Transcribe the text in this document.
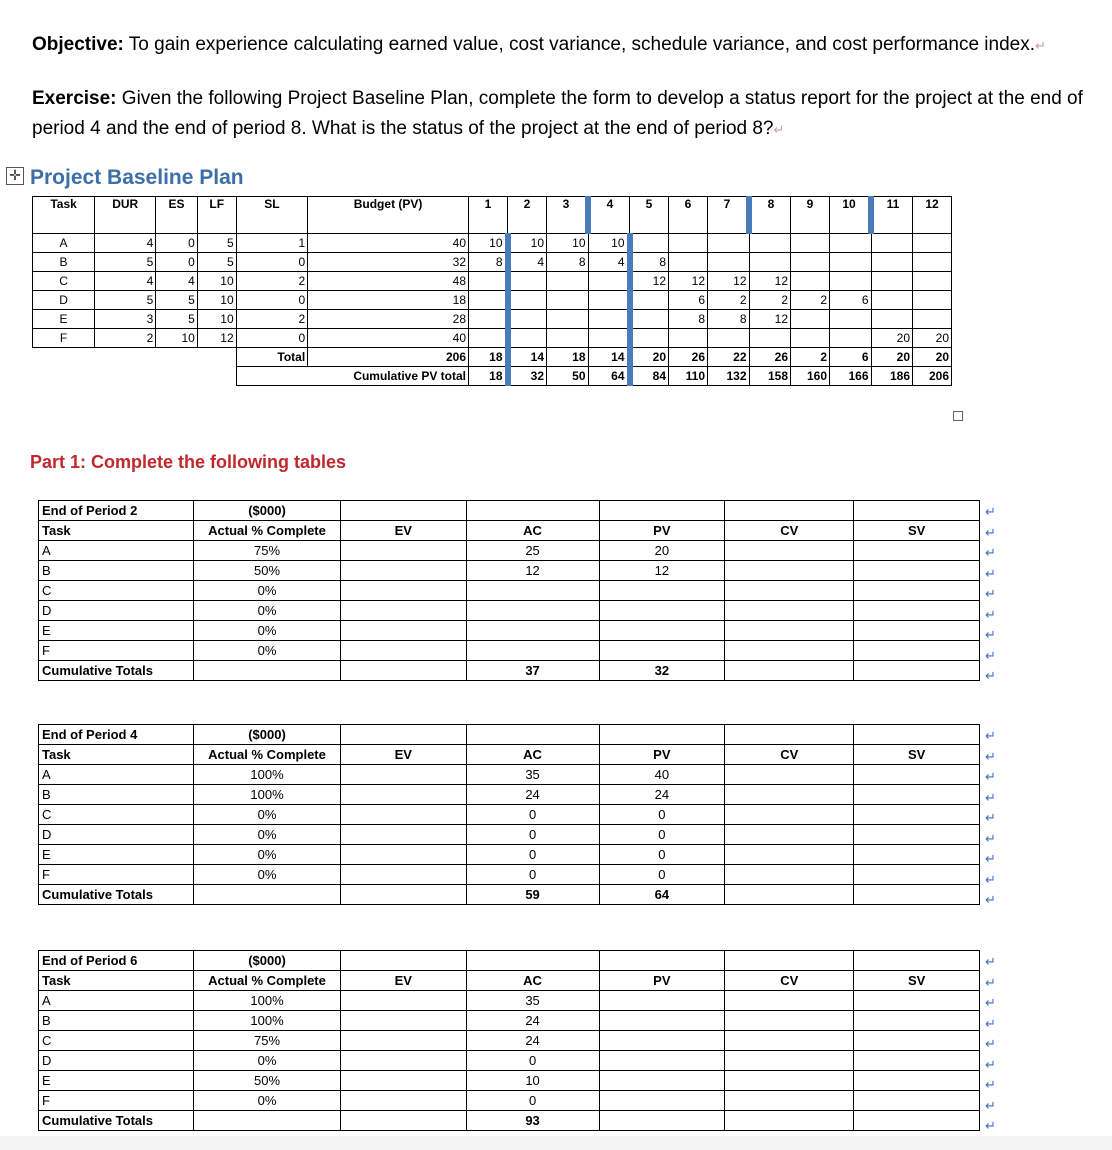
Objective: To gain experience calculating earned value, cost variance, schedule variance, and cost performance index.↵
Exercise: Given the following Project Baseline Plan, complete the form to develop a status report for the project at the end of period 4 and the end of period 8. What is the status of the project at the end of period 8?↵
✛ Project Baseline Plan
Task	DUR	ES	LF	SL	Budget (PV)	1	2	3	4	5	6	7	8	9	10	11	12
A	4	0	5	1	40	10	10	10	10								
B	5	0	5	0	32	8	4	8	4	8							
C	4	4	10	2	48					12	12	12	12				
D	5	5	10	0	18						6	2	2	2	6		
E	3	5	10	2	28						8	8	12				
F	2	10	12	0	40											20	20
				Total	206	18	14	18	14	20	26	22	26	2	6	20	20
				Cumulative PV total		18	32	50	64	84	110	132	158	160	166	186	206
Part 1: Complete the following tables
End of Period 2	($000)					
Task	Actual % Complete	EV	AC	PV	CV	SV
A	75%		25	20		
B	50%		12	12		
C	0%					
D	0%					
E	0%					
F	0%					
Cumulative Totals			37	32		
End of Period 4	($000)					
Task	Actual % Complete	EV	AC	PV	CV	SV
A	100%		35	40		
B	100%		24	24		
C	0%		0	0		
D	0%		0	0		
E	0%		0	0		
F	0%		0	0		
Cumulative Totals			59	64		
End of Period 6	($000)					
Task	Actual % Complete	EV	AC	PV	CV	SV
A	100%		35			
B	100%		24			
C	75%		24			
D	0%		0			
E	50%		10			
F	0%		0			
Cumulative Totals			93			
↵
↵
↵
↵
↵
↵
↵
↵
↵
↵
↵
↵
↵
↵
↵
↵
↵
↵
↵
↵
↵
↵
↵
↵
↵
↵
↵
